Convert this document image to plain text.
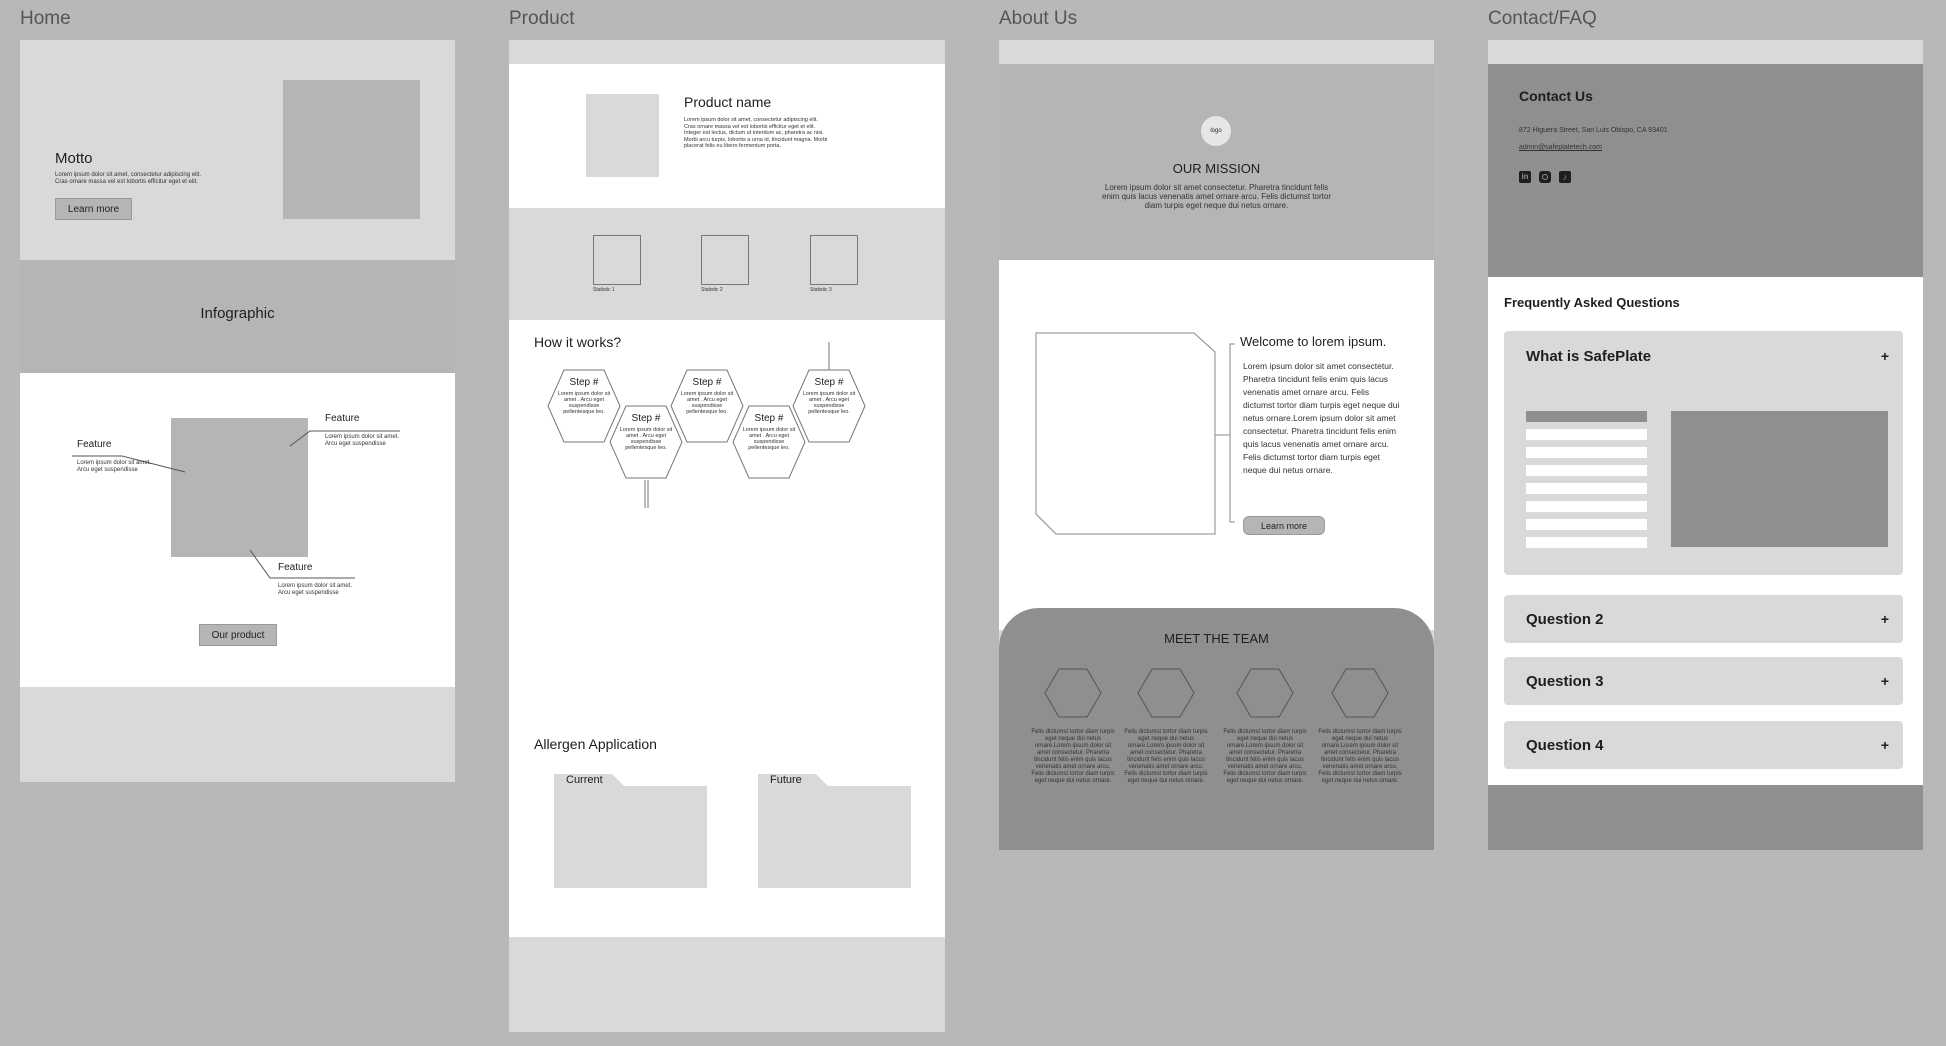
Home	Product	About Us	Contact/FAQ
Motto
Lorem ipsum dolor sit amet, consectetur adipiscing elit. Cras ornare massa vel est lobortis efficitur eget et elit.
Learn more
Infographic
Feature
Lorem ipsum dolor sit amet. Arcu eget suspendisse
Feature
Lorem ipsum dolor sit amet. Arcu eget suspendisse
Feature
Lorem ipsum dolor sit amet. Arcu eget suspendisse
Our product
Product name
Lorem ipsum dolor sit amet, consectetur adipiscing elit. Cras ornare massa vel est lobortis efficitur eget et elit. Integer est lectus, dictum ut interdum ac, pharetra ac nisi. Morbi arcu turpis, lobortis a urna id, tincidunt magna. Morbi placerat felis eu libero fermentum porta.
Statistic 1	Statistic 2	Statistic 3
How it works?
Step #
Lorem ipsum dolor sit amet . Arcu eget suspendisse pellentesque leo.
Step #
Lorem ipsum dolor sit amet . Arcu eget suspendisse pellentesque leo.
Step #
Lorem ipsum dolor sit amet . Arcu eget suspendisse pellentesque leo.
Step #
Lorem ipsum dolor sit amet . Arcu eget suspendisse pellentesque leo.
Step #
Lorem ipsum dolor sit amet . Arcu eget suspendisse pellentesque leo.
Allergen Application
Current	Future
logo
OUR MISSION
Lorem ipsum dolor sit amet consectetur. Pharetra tincidunt felis enim quis lacus venenatis amet ornare arcu. Felis dictumst tortor diam turpis eget neque dui netus ornare.
Welcome to lorem ipsum.
Lorem ipsum dolor sit amet consectetur. Pharetra tincidunt felis enim quis lacus venenatis amet ornare arcu. Felis dictumst tortor diam turpis eget neque dui netus ornare.Lorem ipsum dolor sit amet consectetur. Pharetra tincidunt felis enim quis lacus venenatis amet ornare arcu. Felis dictumst tortor diam turpis eget neque dui netus ornare.
Learn more
MEET THE TEAM
Felis dictumst tortor diam turpis eget neque dui netus ornare.Lorem ipsum dolor sit amet consectetur. Pharetra tincidunt felis enim quis lacus venenatis amet ornare arcu. Felis dictumst tortor diam turpis eget neque dui netus ornare.
Felis dictumst tortor diam turpis eget neque dui netus ornare.Lorem ipsum dolor sit amet consectetur. Pharetra tincidunt felis enim quis lacus venenatis amet ornare arcu. Felis dictumst tortor diam turpis eget neque dui netus ornare.
Felis dictumst tortor diam turpis eget neque dui netus ornare.Lorem ipsum dolor sit amet consectetur. Pharetra tincidunt felis enim quis lacus venenatis amet ornare arcu. Felis dictumst tortor diam turpis eget neque dui netus ornare.
Felis dictumst tortor diam turpis eget neque dui netus ornare.Lorem ipsum dolor sit amet consectetur. Pharetra tincidunt felis enim quis lacus venenatis amet ornare arcu. Felis dictumst tortor diam turpis eget neque dui netus ornare.
Contact Us
872 Higuera Street, San Luis Obispo, CA 93401
admin@safeplatetech.com
in	♪
Frequently Asked Questions
What is SafePlate	+
Question 2	+
Question 3	+
Question 4	+
